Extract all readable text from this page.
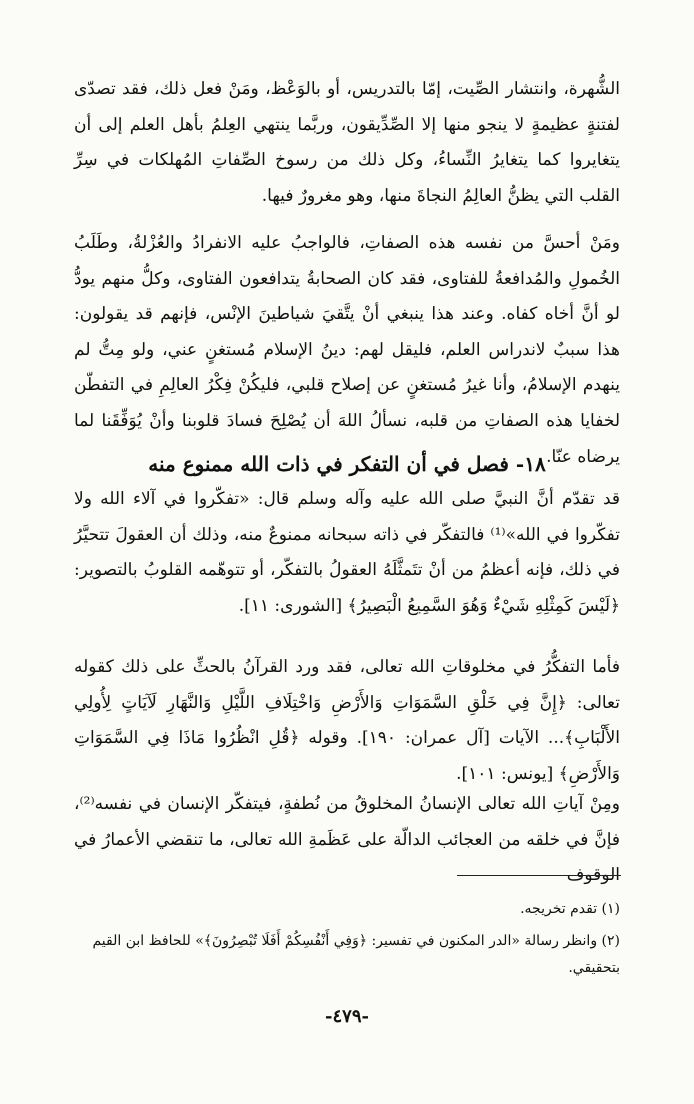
الشُّهرة، وانتشار الصِّيت، إمّا بالتدريس، أو بالوَعْظ، ومَنْ فعل ذلك، فقد تصدّى لفتنةٍ عظيمةٍ لا ينجو منها إلا الصِّدِّيقون، وربَّما ينتهي العِلمُ بأهل العلم إلى أن يتغايروا كما يتغايرُ النِّساءُ، وكل ذلك من رسوخ الصِّفاتِ المُهلكات في سِرِّ القلب التي يظنُّ العالِمُ النجاةَ منها، وهو مغرورٌ فيها.
ومَنْ أحسَّ من نفسه هذه الصفاتِ، فالواجبُ عليه الانفرادُ والعُزْلةُ، وطَلَبُ الخُمولِ والمُدافعةُ للفتاوى، فقد كان الصحابةُ يتدافعون الفتاوى، وكلُّ منهم يودُّ لو أنَّ أخاه كفاه. وعند هذا ينبغي أنْ يتَّقيَ شياطينَ الإنْس، فإنهم قد يقولون: هذا سببٌ لاندراس العلم، فليقل لهم: دينُ الإسلام مُستغنٍ عني، ولو مِتُّ لم ينهدم الإسلامُ، وأنا غيرُ مُستغنٍ عن إصلاح قلبي، فليكُنْ فِكْرُ العالِمِ في التفطّن لخفايا هذه الصفاتِ من قلبه، نسألُ اللهَ أن يُصْلِحَ فسادَ قلوبنا وأنْ يُوَفِّقَنا لما يرضاه عنّا.
١٨- فصل في أن التفكر في ذات الله ممنوع منه
قد تقدّم أنَّ النبيَّ صلى الله عليه وآله وسلم قال: «تفكّروا في آلاء الله ولا تفكّروا في الله»⁽¹⁾ فالتفكّر في ذاته سبحانه ممنوعٌ منه، وذلك أن العقولَ تتحيَّرُ في ذلك، فإنه أعظمُ من أنْ تتَمثَّلَهُ العقولُ بالتفكّر، أو تتوهّمه القلوبُ بالتصوير: ﴿لَيْسَ كَمِثْلِهِ شَيْءٌ وَهُوَ السَّمِيعُ الْبَصِيرُ﴾ [الشورى: ١١].
فأما التفكُّرُ في مخلوقاتِ الله تعالى، فقد ورد القرآنُ بالحثِّ على ذلك كقوله تعالى: ﴿إِنَّ فِي خَلْقِ السَّمَوَاتِ وَالأَرْضِ وَاخْتِلَافِ اللَّيْلِ وَالنَّهَارِ لَآيَاتٍ لِأُولِي الأَلْبَابِ﴾... الآيات [آل عمران: ١٩٠]. وقوله ﴿قُلِ انْظُرُوا مَاذَا فِي السَّمَوَاتِ وَالأَرْضِ﴾ [يونس: ١٠١].
ومِنْ آياتِ الله تعالى الإنسانُ المخلوقُ من نُطفةٍ، فيتفكّر الإنسان في نفسه⁽²⁾، فإنَّ في خلقه من العجائب الدالّة على عَظَمةِ الله تعالى، ما تنقضي الأعمارُ في الوقوف
(١) تقدم تخريجه.
(٢) وانظر رسالة «الدر المكنون في تفسير: ﴿وَفِي أَنْفُسِكُمْ أَفَلَا تُبْصِرُونَ﴾» للحافظ ابن القيم بتحقيقي.
-٤٧٩-
